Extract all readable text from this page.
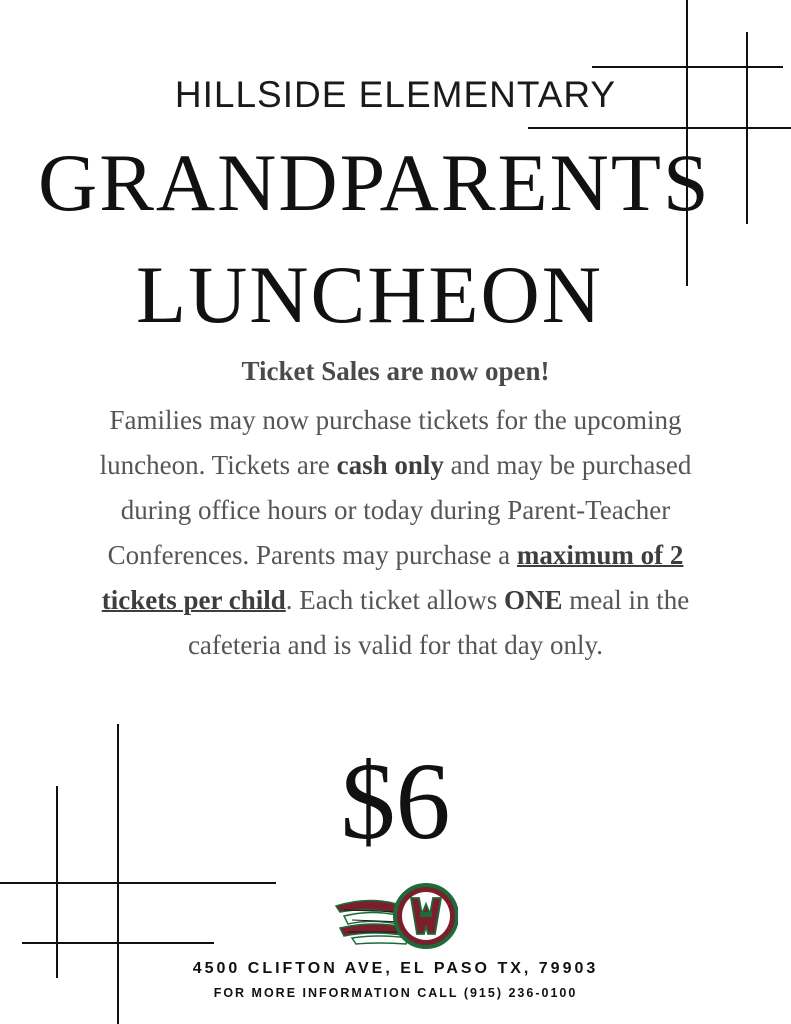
HILLSIDE ELEMENTARY
GRANDPARENTS
LUNCHEON
Ticket Sales are now open!
Families may now purchase tickets for the upcoming luncheon. Tickets are cash only and may be purchased during office hours or today during Parent-Teacher Conferences. Parents may purchase a maximum of 2 tickets per child. Each ticket allows ONE meal in the cafeteria and is valid for that day only.
$6
4500 CLIFTON AVE, EL PASO TX, 79903
FOR MORE INFORMATION CALL (915) 236-0100
